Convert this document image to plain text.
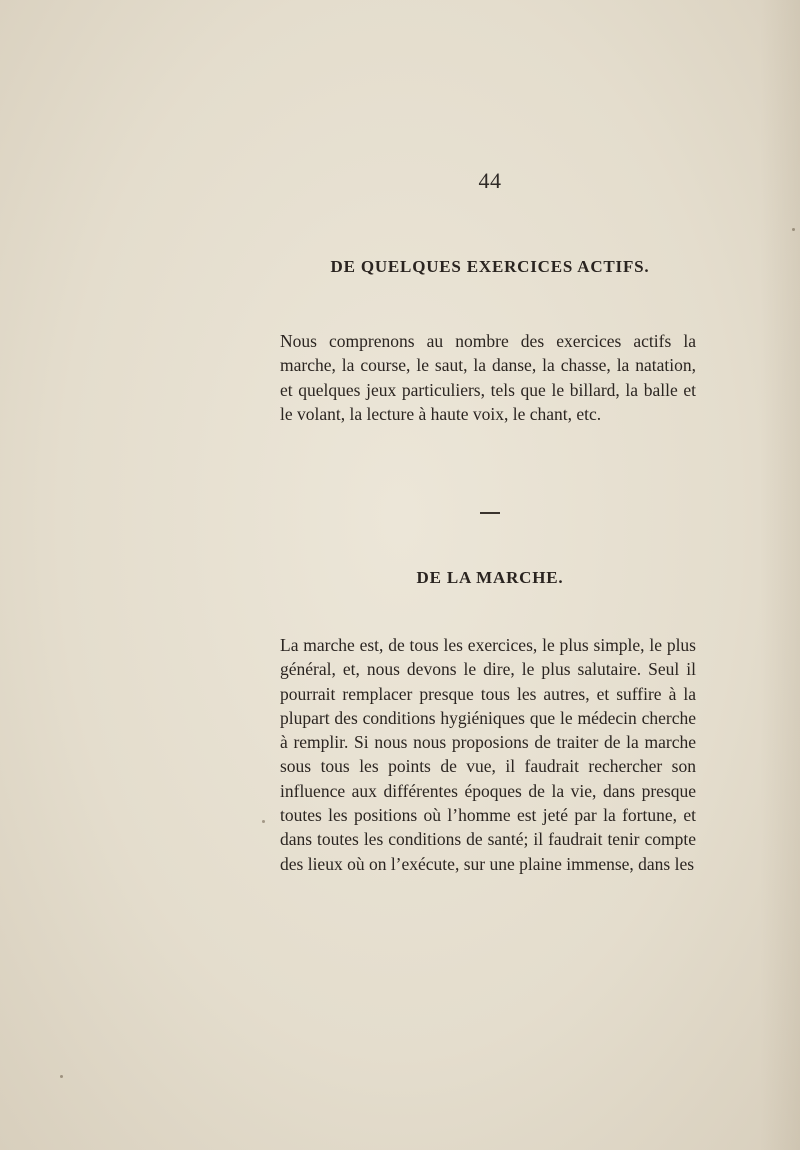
44
DE QUELQUES EXERCICES ACTIFS.

Nous comprenons au nombre des exercices actifs la marche, la course, le saut, la danse, la chasse, la natation, et quelques jeux particuliers, tels que le billard, la balle et le volant, la lecture à haute voix, le chant, etc.

DE LA MARCHE.

La marche est, de tous les exercices, le plus simple, le plus général, et, nous devons le dire, le plus salutaire. Seul il pourrait remplacer presque tous les autres, et suffire à la plupart des conditions hygiéniques que le médecin cherche à remplir. Si nous nous proposions de traiter de la marche sous tous les points de vue, il faudrait rechercher son influence aux différentes époques de la vie, dans presque toutes les positions où l’homme est jeté par la fortune, et dans toutes les conditions de santé; il faudrait tenir compte des lieux où on l’exécute, sur une plaine immense, dans les
